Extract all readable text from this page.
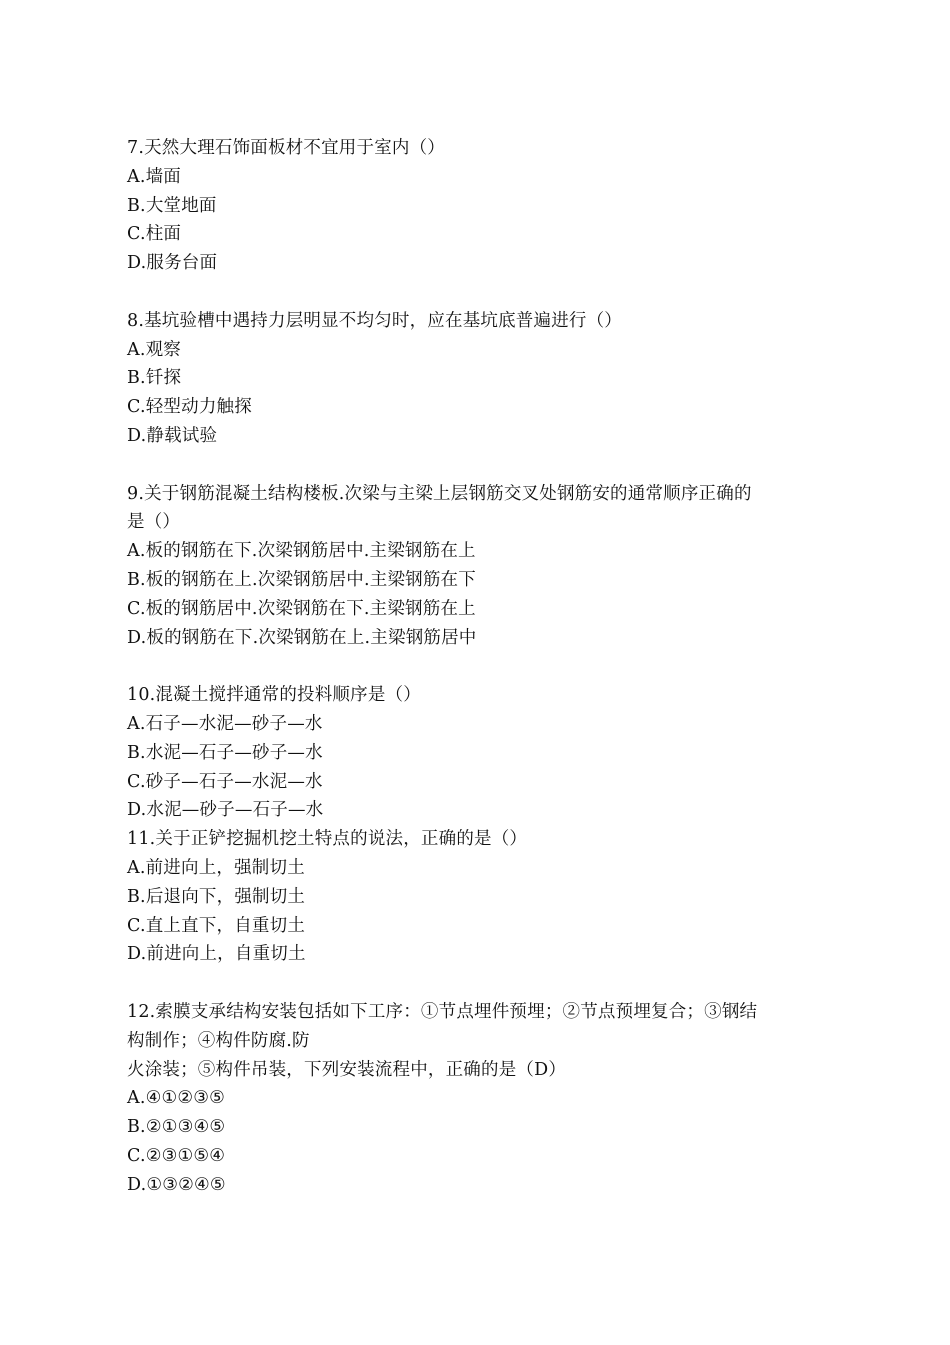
7.天然大理石饰面板材不宜用于室内（）
A.墙面
B.大堂地面
C.柱面
D.服务台面
8.基坑验槽中遇持力层明显不均匀时，应在基坑底普遍进行（）
A.观察
B.钎探
C.轻型动力触探
D.静载试验
9.关于钢筋混凝土结构楼板.次梁与主梁上层钢筋交叉处钢筋安的通常顺序正确的
是（）
A.板的钢筋在下.次梁钢筋居中.主梁钢筋在上
B.板的钢筋在上.次梁钢筋居中.主梁钢筋在下
C.板的钢筋居中.次梁钢筋在下.主梁钢筋在上
D.板的钢筋在下.次梁钢筋在上.主梁钢筋居中
10.混凝土搅拌通常的投料顺序是（）
A.石子—水泥—砂子—水
B.水泥—石子—砂子—水
C.砂子—石子—水泥—水
D.水泥—砂子—石子—水
11.关于正铲挖掘机挖土特点的说法，正确的是（）
A.前进向上，强制切土
B.后退向下，强制切土
C.直上直下，自重切土
D.前进向上，自重切土
12.索膜支承结构安装包括如下工序：①节点埋件预埋；②节点预埋复合；③钢结
构制作；④构件防腐.防
火涂装；⑤构件吊装，下列安装流程中，正确的是（D）
A.④①②③⑤
B.②①③④⑤
C.②③①⑤④
D.①③②④⑤
